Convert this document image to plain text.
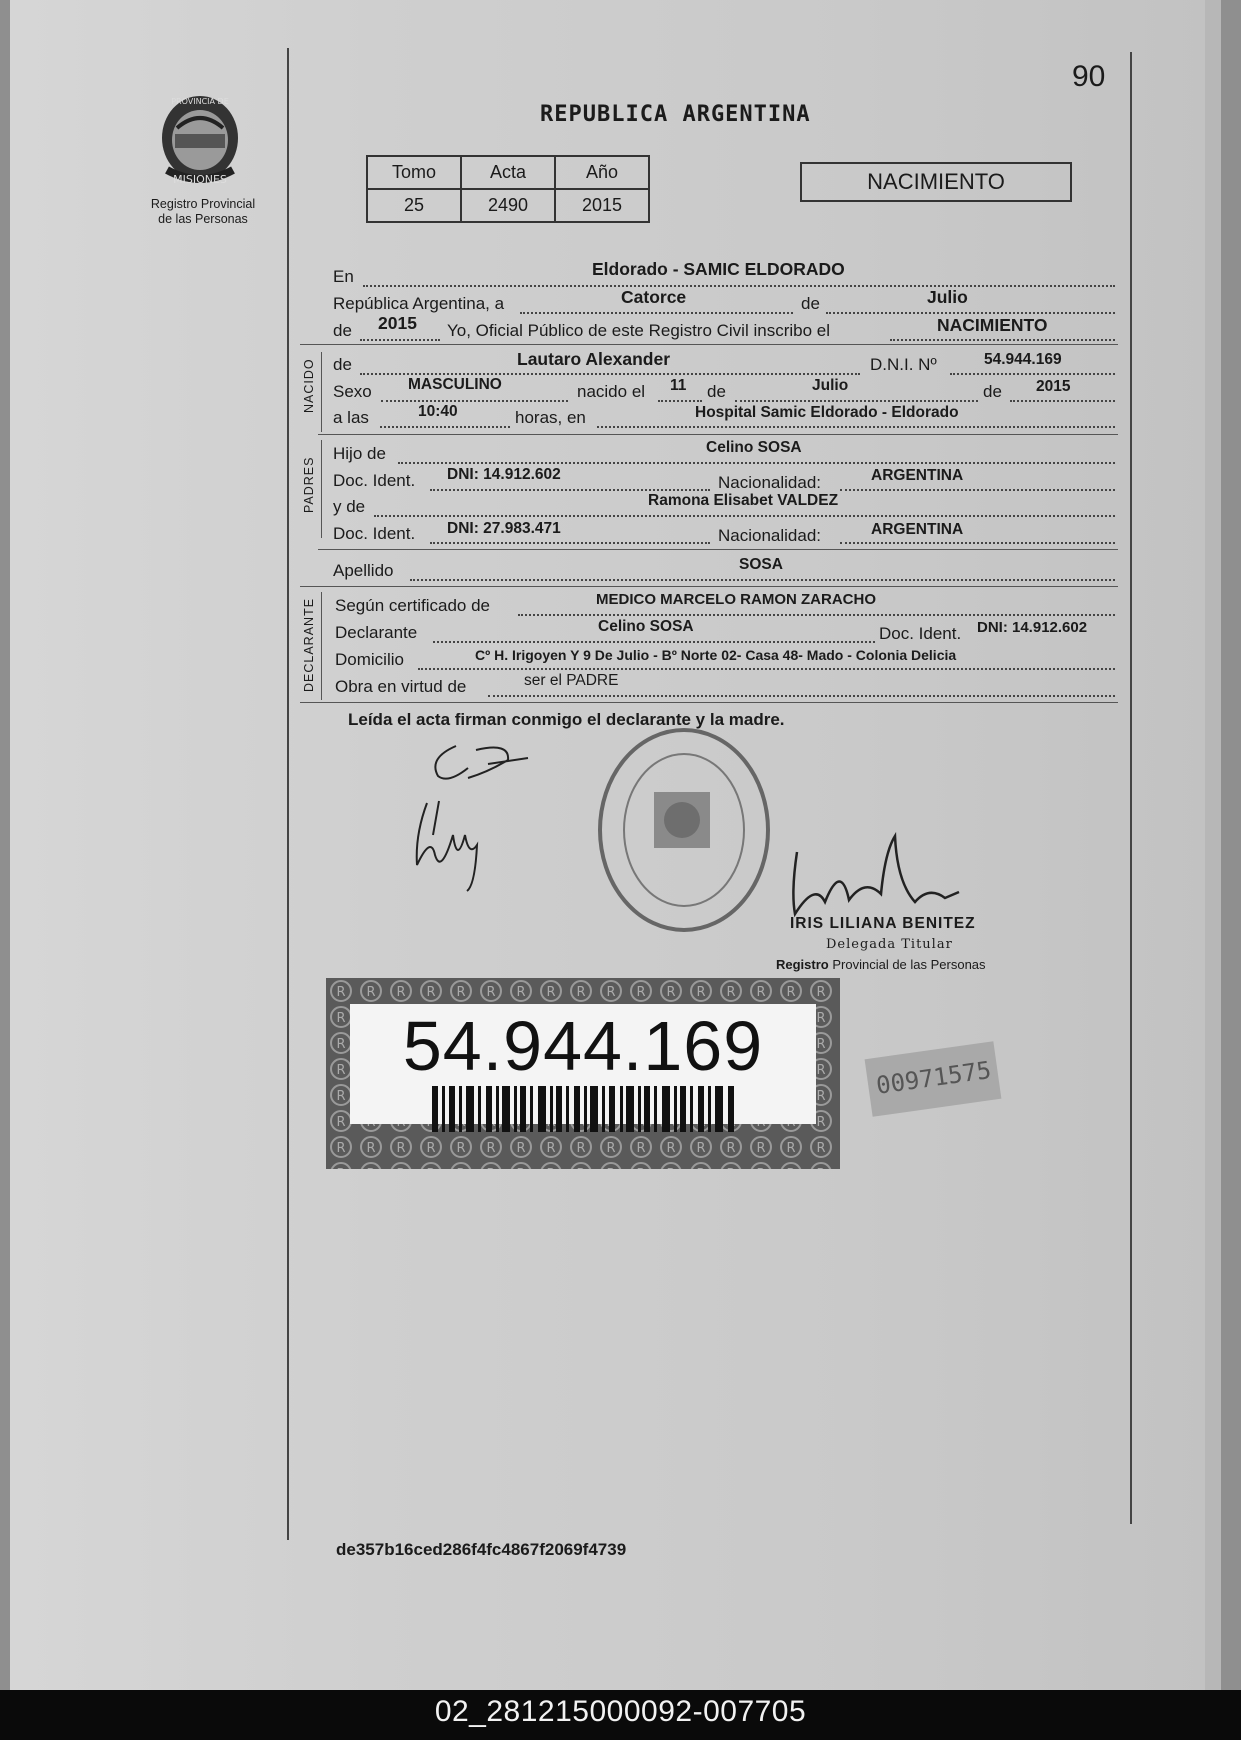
90
REPUBLICA ARGENTINA
PROVINCIA DE
MISIONES
Registro Provincial
de las Personas
Tomo	Acta	Año
25	2490	2015
NACIMIENTO
En	Eldorado - SAMIC ELDORADO
República Argentina, a	Catorce	de	Julio
de 2015 Yo, Oficial Público de este Registro Civil inscribo el	NACIMIENTO
NACIDO de	Lautaro Alexander	D.N.I. Nº	54.944.169
Sexo MASCULINO	nacido el 11 de	Julio	de 2015
a las	10:40	horas, en	Hospital Samic Eldorado - Eldorado
PADRES
Hijo de	Celino SOSA
Doc. Ident. DNI: 14.912.602	Nacionalidad:	ARGENTINA
y de	Ramona Elisabet VALDEZ
Doc. Ident. DNI: 27.983.471	Nacionalidad:	ARGENTINA
Apellido	SOSA
DECLARANTE Según certificado de	MEDICO MARCELO RAMON ZARACHO
Declarante	Celino SOSA	Doc. Ident. DNI: 14.912.602
Domicilio	Cº H. Irigoyen Y 9 De Julio - Bº Norte 02- Casa 48- Mado - Colonia Delicia
Obra en virtud de	ser el PADRE
Leída el acta firman conmigo el declarante y la madre.
IRIS LILIANA BENITEZ
Delegada Titular
Registro Provincial de las Personas
54.944.169	00971575
de357b16ced286f4fc4867f2069f4739
02_281215000092-007705
